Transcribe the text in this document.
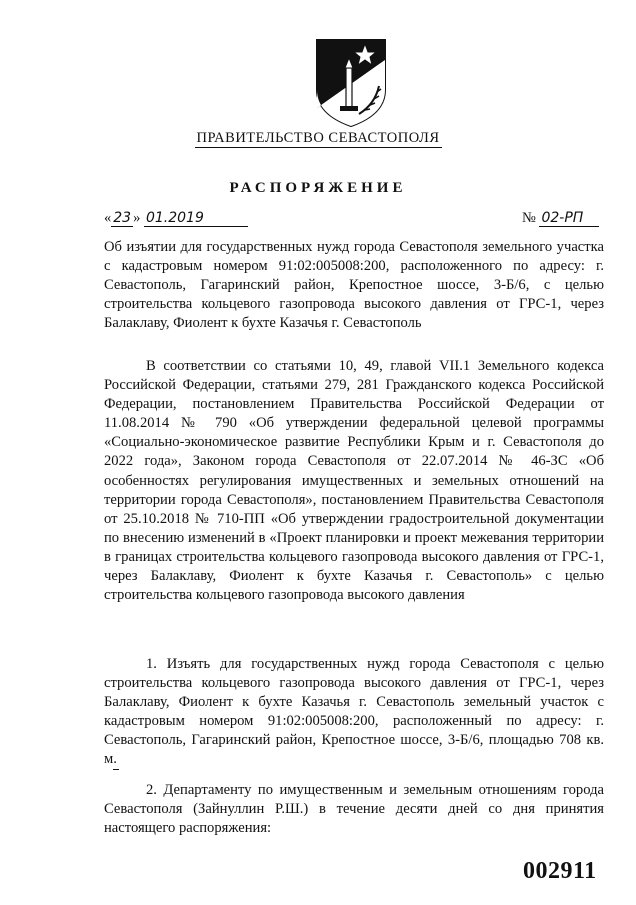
ПРАВИТЕЛЬСТВО СЕВАСТОПОЛЯ
РАСПОРЯЖЕНИЕ
« 23 » 01.2019	№ 02-РП
Об изъятии для государственных нужд города Севастополя земельного участка с кадастровым номером 91:02:005008:200, расположенного по адресу: г. Севастополь, Гагаринский район, Крепостное шоссе, 3-Б/6, с целью строительства кольцевого газопровода высокого давления от ГРС-1, через Балаклаву, Фиолент к бухте Казачья г. Севастополь
В соответствии со статьями 10, 49, главой VII.1 Земельного кодекса Российской Федерации, статьями 279, 281 Гражданского кодекса Российской Федерации, постановлением Правительства Российской Федерации от 11.08.2014 № 790 «Об утверждении федеральной целевой программы «Социально-экономическое развитие Республики Крым и г. Севастополя до 2022 года», Законом города Севастополя от 22.07.2014 № 46-ЗС «Об особенностях регулирования имущественных и земельных отношений на территории города Севастополя», постановлением Правительства Севастополя от 25.10.2018 № 710-ПП «Об утверждении градостроительной документации по внесению изменений в «Проект планировки и проект межевания территории в границах строительства кольцевого газопровода высокого давления от ГРС-1, через Балаклаву, Фиолент к бухте Казачья г. Севастополь» с целью строительства кольцевого газопровода высокого давления
1. Изъять для государственных нужд города Севастополя с целью строительства кольцевого газопровода высокого давления от ГРС-1, через Балаклаву, Фиолент к бухте Казачья г. Севастополь земельный участок с кадастровым номером 91:02:005008:200, расположенный по адресу: г. Севастополь, Гагаринский район, Крепостное шоссе, 3-Б/6, площадью 708 кв. м.
2. Департаменту по имущественным и земельным отношениям города Севастополя (Зайнуллин Р.Ш.) в течение десяти дней со дня принятия настоящего распоряжения:
002911
